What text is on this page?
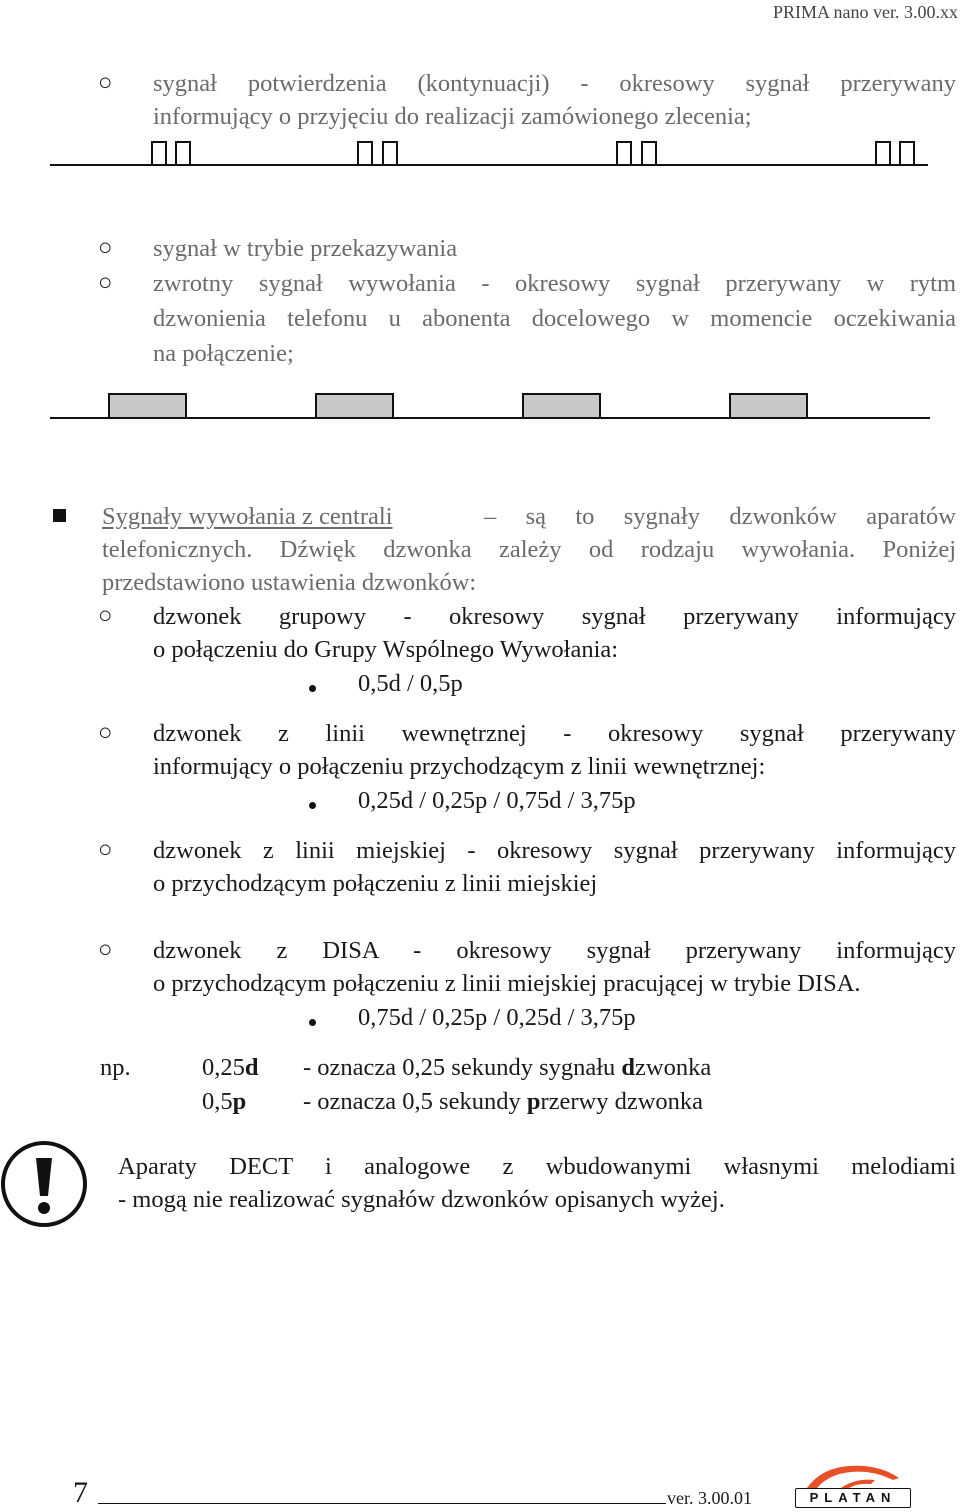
PRIMA nano ver. 3.00.xx
○ sygnał potwierdzenia (kontynuacji) - okresowy sygnał przerywany
informujący o przyjęciu do realizacji zamówionego zlecenia;
○ sygnał w trybie przekazywania
○ zwrotny sygnał wywołania - okresowy sygnał przerywany w rytm
dzwonienia telefonu u abonenta docelowego w momencie oczekiwania
na połączenie;
Sygnały wywołania z centrali	– są to sygnały dzwonków aparatów
telefonicznych. Dźwięk dzwonka zależy od rodzaju wywołania. Poniżej
przedstawiono ustawienia dzwonków:
○ dzwonek grupowy - okresowy sygnał przerywany informujący
o połączeniu do Grupy Wspólnego Wywołania:
0,5d / 0,5p
○ dzwonek z linii wewnętrznej - okresowy sygnał przerywany
informujący o połączeniu przychodzącym z linii wewnętrznej:
0,25d / 0,25p / 0,75d / 3,75p
○ dzwonek z linii miejskiej - okresowy sygnał przerywany informujący
o przychodzącym połączeniu z linii miejskiej
○ dzwonek z DISA - okresowy sygnał przerywany informujący
o przychodzącym połączeniu z linii miejskiej pracującej w trybie DISA.
0,75d / 0,25p / 0,25d / 3,75p
np.	0,25d - oznacza 0,25 sekundy sygnału dzwonka
0,5p - oznacza 0,5 sekundy przerwy dzwonka
Aparaty DECT i analogowe z wbudowanymi własnymi melodiami
- mogą nie realizować sygnałów dzwonków opisanych wyżej.
7	ver. 3.00.01	PLATAN
